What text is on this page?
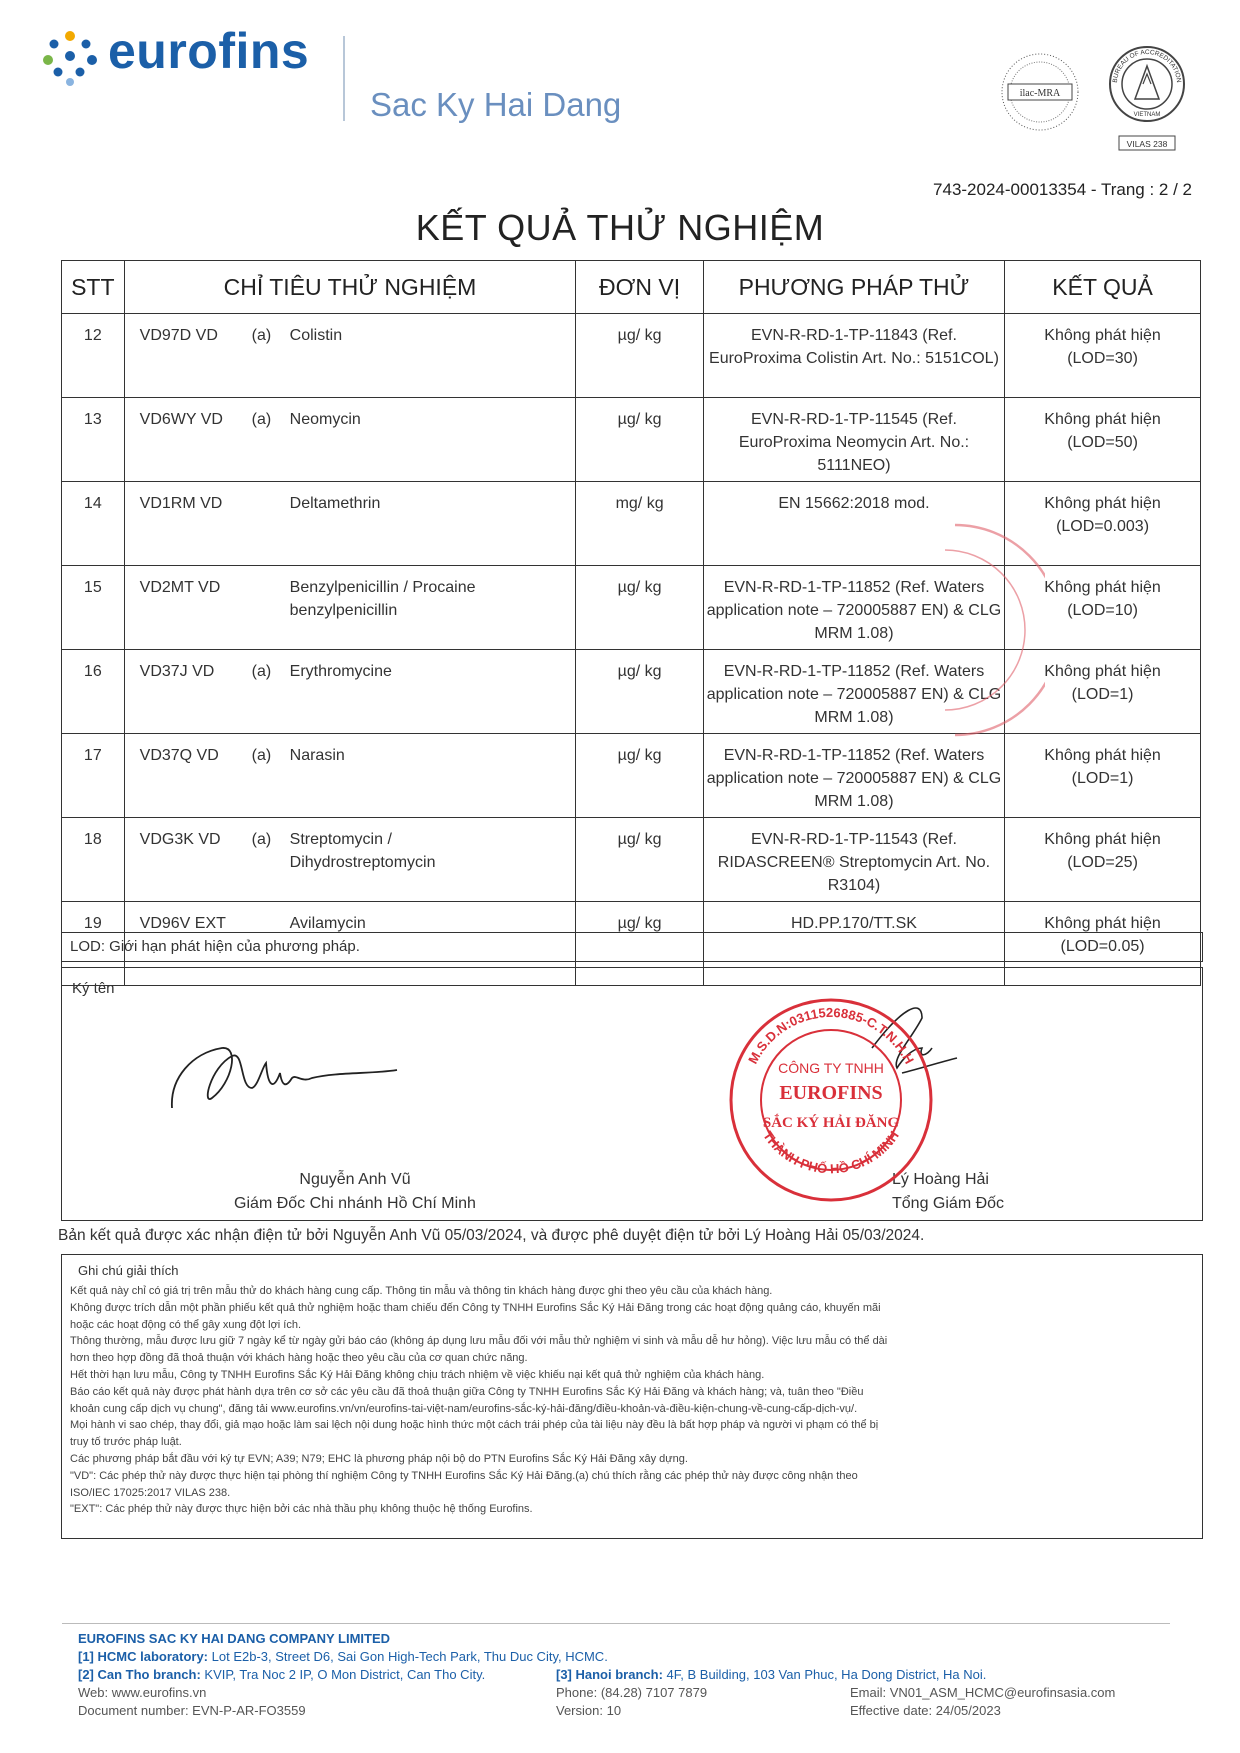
eurofins
Sac Ky Hai Dang	ilac-MRA
BUREAU OF ACCREDITATION
VIETNAM
VILAS 238
743-2024-00013354 - Trang : 2 / 2
KẾT QUẢ THỬ NGHIỆM
STT	CHỈ TIÊU THỬ NGHIỆM	ĐƠN VỊ	PHƯƠNG PHÁP THỬ	KẾT QUẢ
12	VD97D VD (a) Colistin	µg/ kg	EVN-R-RD-1-TP-11843 (Ref. EuroProxima Colistin Art. No.: 5151COL)	Không phát hiện
(LOD=30)

13	VD6WY VD (a) Neomycin	µg/ kg	EVN-R-RD-1-TP-11545 (Ref. EuroProxima Neomycin Art. No.: 5111NEO)	Không phát hiện
(LOD=50)

14	VD1RM VD Deltamethrin	mg/ kg	EN 15662:2018 mod.	Không phát hiện
(LOD=0.003)

15	VD2MT VD Benzylpenicillin / Procaine benzylpenicillin	µg/ kg	EVN-R-RD-1-TP-11852 (Ref. Waters application note – 720005887 EN) & CLG MRM 1.08)	Không phát hiện
(LOD=10)

16	VD37J VD (a) Erythromycine	µg/ kg	EVN-R-RD-1-TP-11852 (Ref. Waters application note – 720005887 EN) & CLG MRM 1.08)	Không phát hiện
(LOD=1)

17	VD37Q VD (a) Narasin	µg/ kg	EVN-R-RD-1-TP-11852 (Ref. Waters application note – 720005887 EN) & CLG MRM 1.08)	Không phát hiện
(LOD=1)

18	VDG3K VD (a) Streptomycin / Dihydrostreptomycin	µg/ kg	EVN-R-RD-1-TP-11543 (Ref. RIDASCREEN® Streptomycin Art. No. R3104)	Không phát hiện
(LOD=25)

19	VD96V EXT Avilamycin	µg/ kg	HD.PP.170/TT.SK	Không phát hiện
(LOD=0.05)
LOD: Giới hạn phát hiện của phương pháp.
Ký tên
Nguyễn Anh Vũ
Giám Đốc Chi nhánh Hồ Chí Minh
Lý Hoàng Hải
Tổng Giám Đốc
M.S.D.N:0311526885-C.T.N.H.H
THÀNH PHỐ HỒ CHÍ MINH
CÔNG TY TNHH
EUROFINS
SẮC KÝ HẢI ĐĂNG
Bản kết quả được xác nhận điện tử bởi Nguyễn Anh Vũ 05/03/2024, và được phê duyệt điện tử bởi Lý Hoàng Hải 05/03/2024.
Ghi chú giải thích
Kết quả này chỉ có giá trị trên mẫu thử do khách hàng cung cấp. Thông tin mẫu và thông tin khách hàng được ghi theo yêu cầu của khách hàng.
Không được trích dẫn một phần phiếu kết quả thử nghiệm hoặc tham chiếu đến Công ty TNHH Eurofins Sắc Ký Hải Đăng trong các hoạt động quảng cáo, khuyến mãi
hoặc các hoạt động có thể gây xung đột lợi ích.
Thông thường, mẫu được lưu giữ 7 ngày kể từ ngày gửi báo cáo (không áp dụng lưu mẫu đối với mẫu thử nghiệm vi sinh và mẫu dễ hư hỏng). Việc lưu mẫu có thể dài
hơn theo hợp đồng đã thoả thuận với khách hàng hoặc theo yêu cầu của cơ quan chức năng.
Hết thời hạn lưu mẫu, Công ty TNHH Eurofins Sắc Ký Hải Đăng không chịu trách nhiệm về việc khiếu nại kết quả thử nghiệm của khách hàng.
Báo cáo kết quả này được phát hành dựa trên cơ sở các yêu cầu đã thoả thuận giữa Công ty TNHH Eurofins Sắc Ký Hải Đăng và khách hàng; và, tuân theo "Điều
khoản cung cấp dịch vụ chung", đăng tải www.eurofins.vn/vn/eurofins-tai-việt-nam/eurofins-sắc-ký-hải-đăng/điều-khoản-và-điều-kiện-chung-về-cung-cấp-dịch-vụ/.
Mọi hành vi sao chép, thay đổi, giả mạo hoặc làm sai lệch nội dung hoặc hình thức một cách trái phép của tài liệu này đều là bất hợp pháp và người vi phạm có thể bị
truy tố trước pháp luật.
Các phương pháp bắt đầu với ký tự EVN; A39; N79; EHC là phương pháp nội bộ do PTN Eurofins Sắc Ký Hải Đăng xây dựng.
"VD": Các phép thử này được thực hiện tại phòng thí nghiệm Công ty TNHH Eurofins Sắc Ký Hải Đăng.(a) chú thích rằng các phép thử này được công nhận theo
ISO/IEC 17025:2017 VILAS 238.
"EXT": Các phép thử này được thực hiện bởi các nhà thầu phụ không thuộc hệ thống Eurofins.
EUROFINS SAC KY HAI DANG COMPANY LIMITED
[1] HCMC laboratory: Lot E2b-3, Street D6, Sai Gon High-Tech Park, Thu Duc City, HCMC.
[2] Can Tho branch: KVIP, Tra Noc 2 IP, O Mon District, Can Tho City.	[3] Hanoi branch: 4F, B Building, 103 Van Phuc, Ha Dong District, Ha Noi.
Web: www.eurofins.vn	Phone: (84.28) 7107 7879	Email: VN01_ASM_HCMC@eurofinsasia.com
Document number: EVN-P-AR-FO3559	Version: 10	Effective date: 24/05/2023
